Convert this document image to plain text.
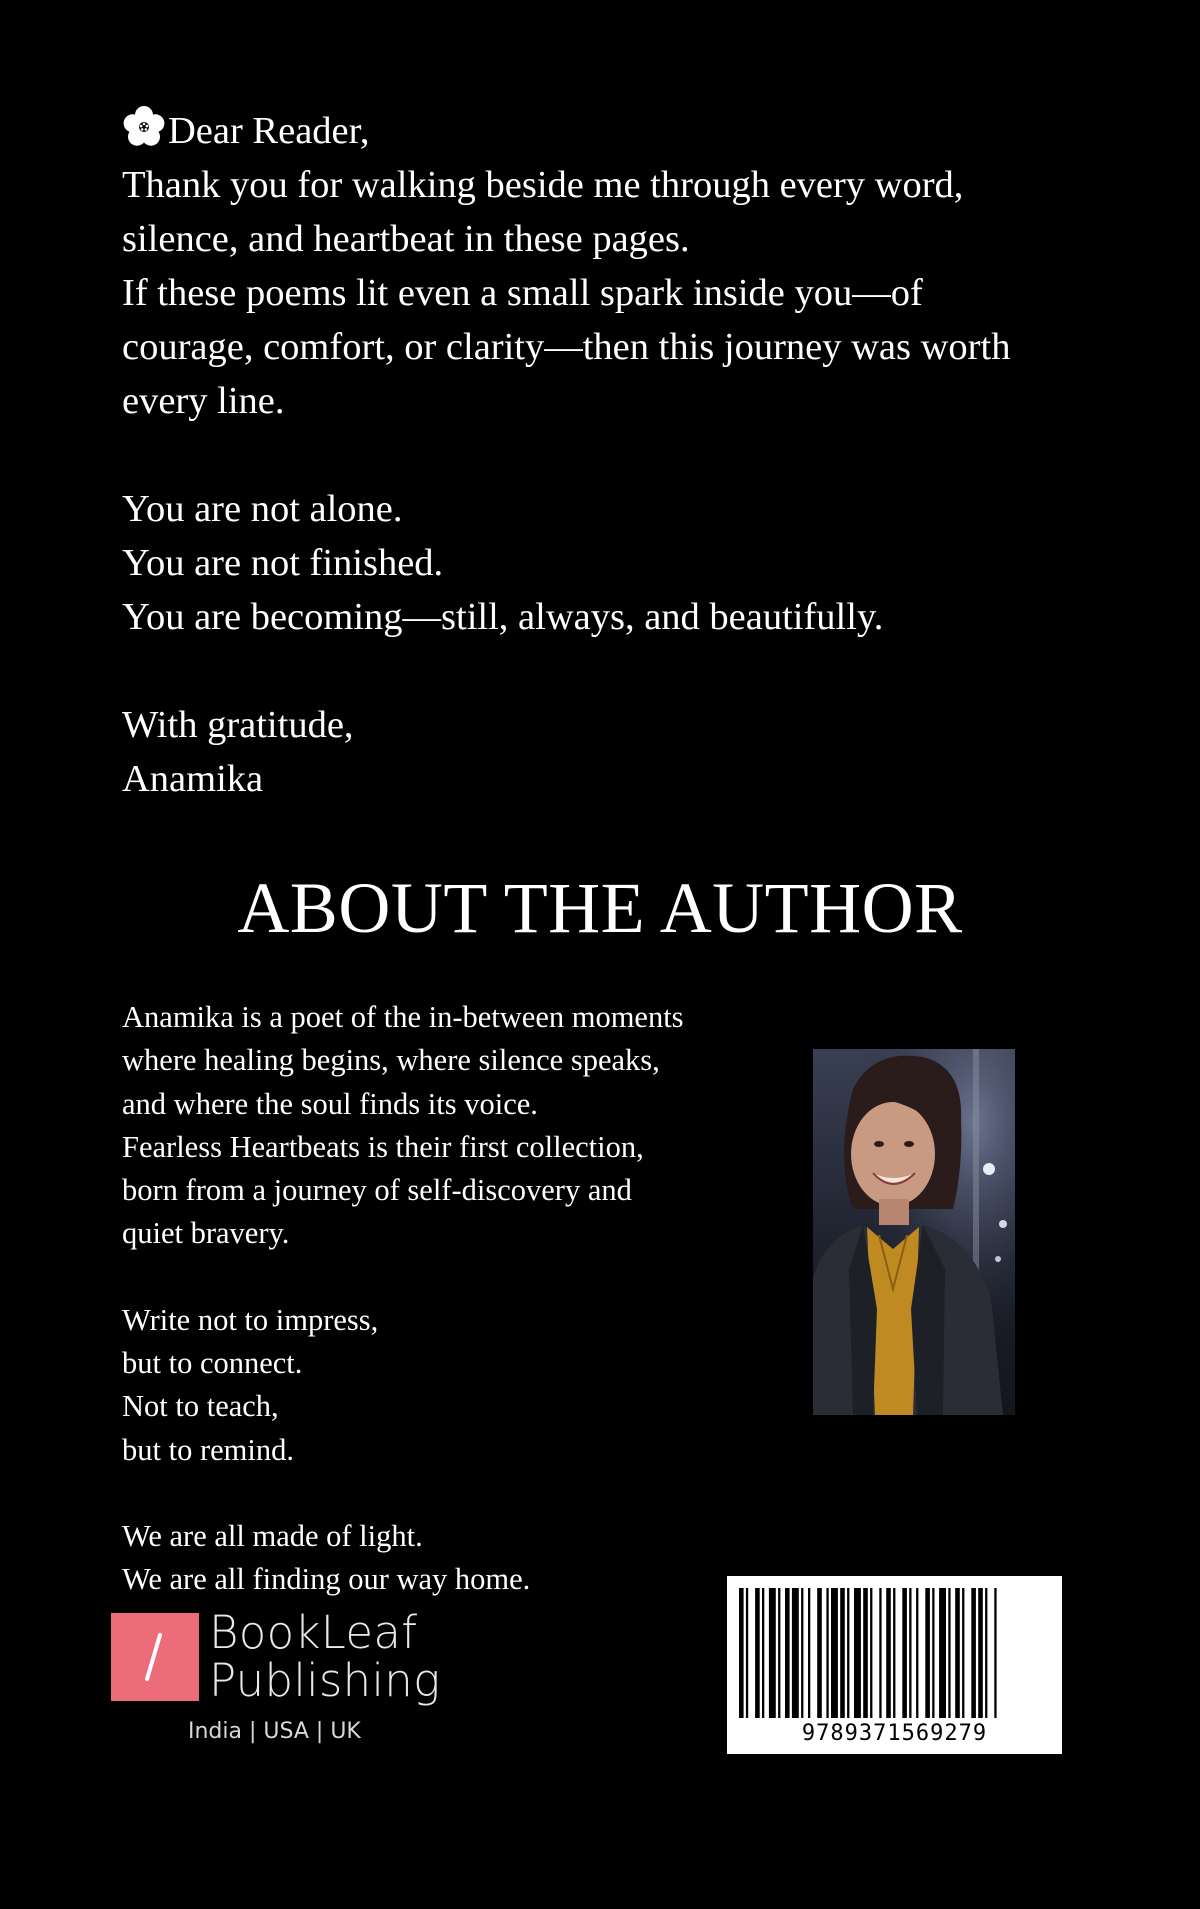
Dear Reader,
Thank you for walking beside me through every word,
silence, and heartbeat in these pages.
If these poems lit even a small spark inside you—of
courage, comfort, or clarity—then this journey was worth
every line.

You are not alone.
You are not finished.
You are becoming—still, always, and beautifully.

With gratitude,
Anamika

ABOUT THE AUTHOR

Anamika is a poet of the in-between moments
where healing begins, where silence speaks,
and where the soul finds its voice.
Fearless Heartbeats is their first collection,
born from a journey of self-discovery and
quiet bravery.

Write not to impress,
but to connect.
Not to teach,
but to remind.

We are all made of light.
We are all finding our way home.

BookLeaf
Publishing
India | USA | UK	9789371569279
